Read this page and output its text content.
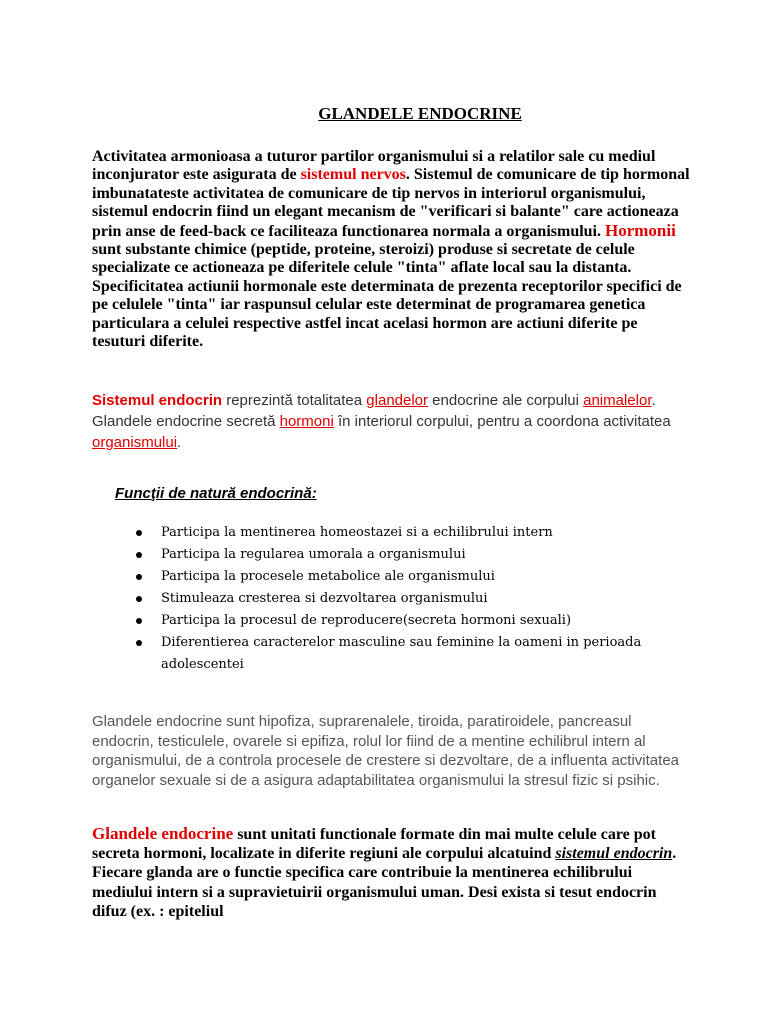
GLANDELE ENDOCRINE

Activitatea armonioasa a tuturor partilor organismului si a relatilor sale cu mediul inconjurator este asigurata de sistemul nervos. Sistemul de comunicare de tip hormonal imbunatateste activitatea de comunicare de tip nervos in interiorul organismului, sistemul endocrin fiind un elegant mecanism de "verificari si balante" care actioneaza prin anse de feed-back ce faciliteaza functionarea normala a organismului. Hormonii sunt substante chimice (peptide, proteine, steroizi) produse si secretate de celule specializate ce actioneaza pe diferitele celule "tinta" aflate local sau la distanta. Specificitatea actiunii hormonale este determinata de prezenta receptorilor specifici de pe celulele "tinta" iar raspunsul celular este determinat de programarea genetica particulara a celulei respective astfel incat acelasi hormon are actiuni diferite pe tesuturi diferite.

Sistemul endocrin reprezintă totalitatea glandelor endocrine ale corpului animalelor. Glandele endocrine secretă hormoni în interiorul corpului, pentru a coordona activitatea organismului.

Funcţii de natură endocrină:
Participa la mentinerea homeostazei si a echilibrului intern
Participa la regularea umorala a organismului
Participa la procesele metabolice ale organismului
Stimuleaza cresterea si dezvoltarea organismului
Participa la procesul de reproducere(secreta hormoni sexuali)
Diferentierea caracterelor masculine sau feminine la oameni in perioada adolescentei

Glandele endocrine sunt hipofiza, suprarenalele, tiroida, paratiroidele, pancreasul endocrin, testiculele, ovarele si epifiza, rolul lor fiind de a mentine echilibrul intern al organismului, de a controla procesele de crestere si dezvoltare, de a influenta activitatea organelor sexuale si de a asigura adaptabilitatea organismului la stresul fizic si psihic.

Glandele endocrine sunt unitati functionale formate din mai multe celule care pot secreta hormoni, localizate in diferite regiuni ale corpului alcatuind sistemul endocrin. Fiecare glanda are o functie specifica care contribuie la mentinerea echilibrului mediului intern si a supravietuirii organismului uman. Desi exista si tesut endocrin difuz (ex. : epiteliul
